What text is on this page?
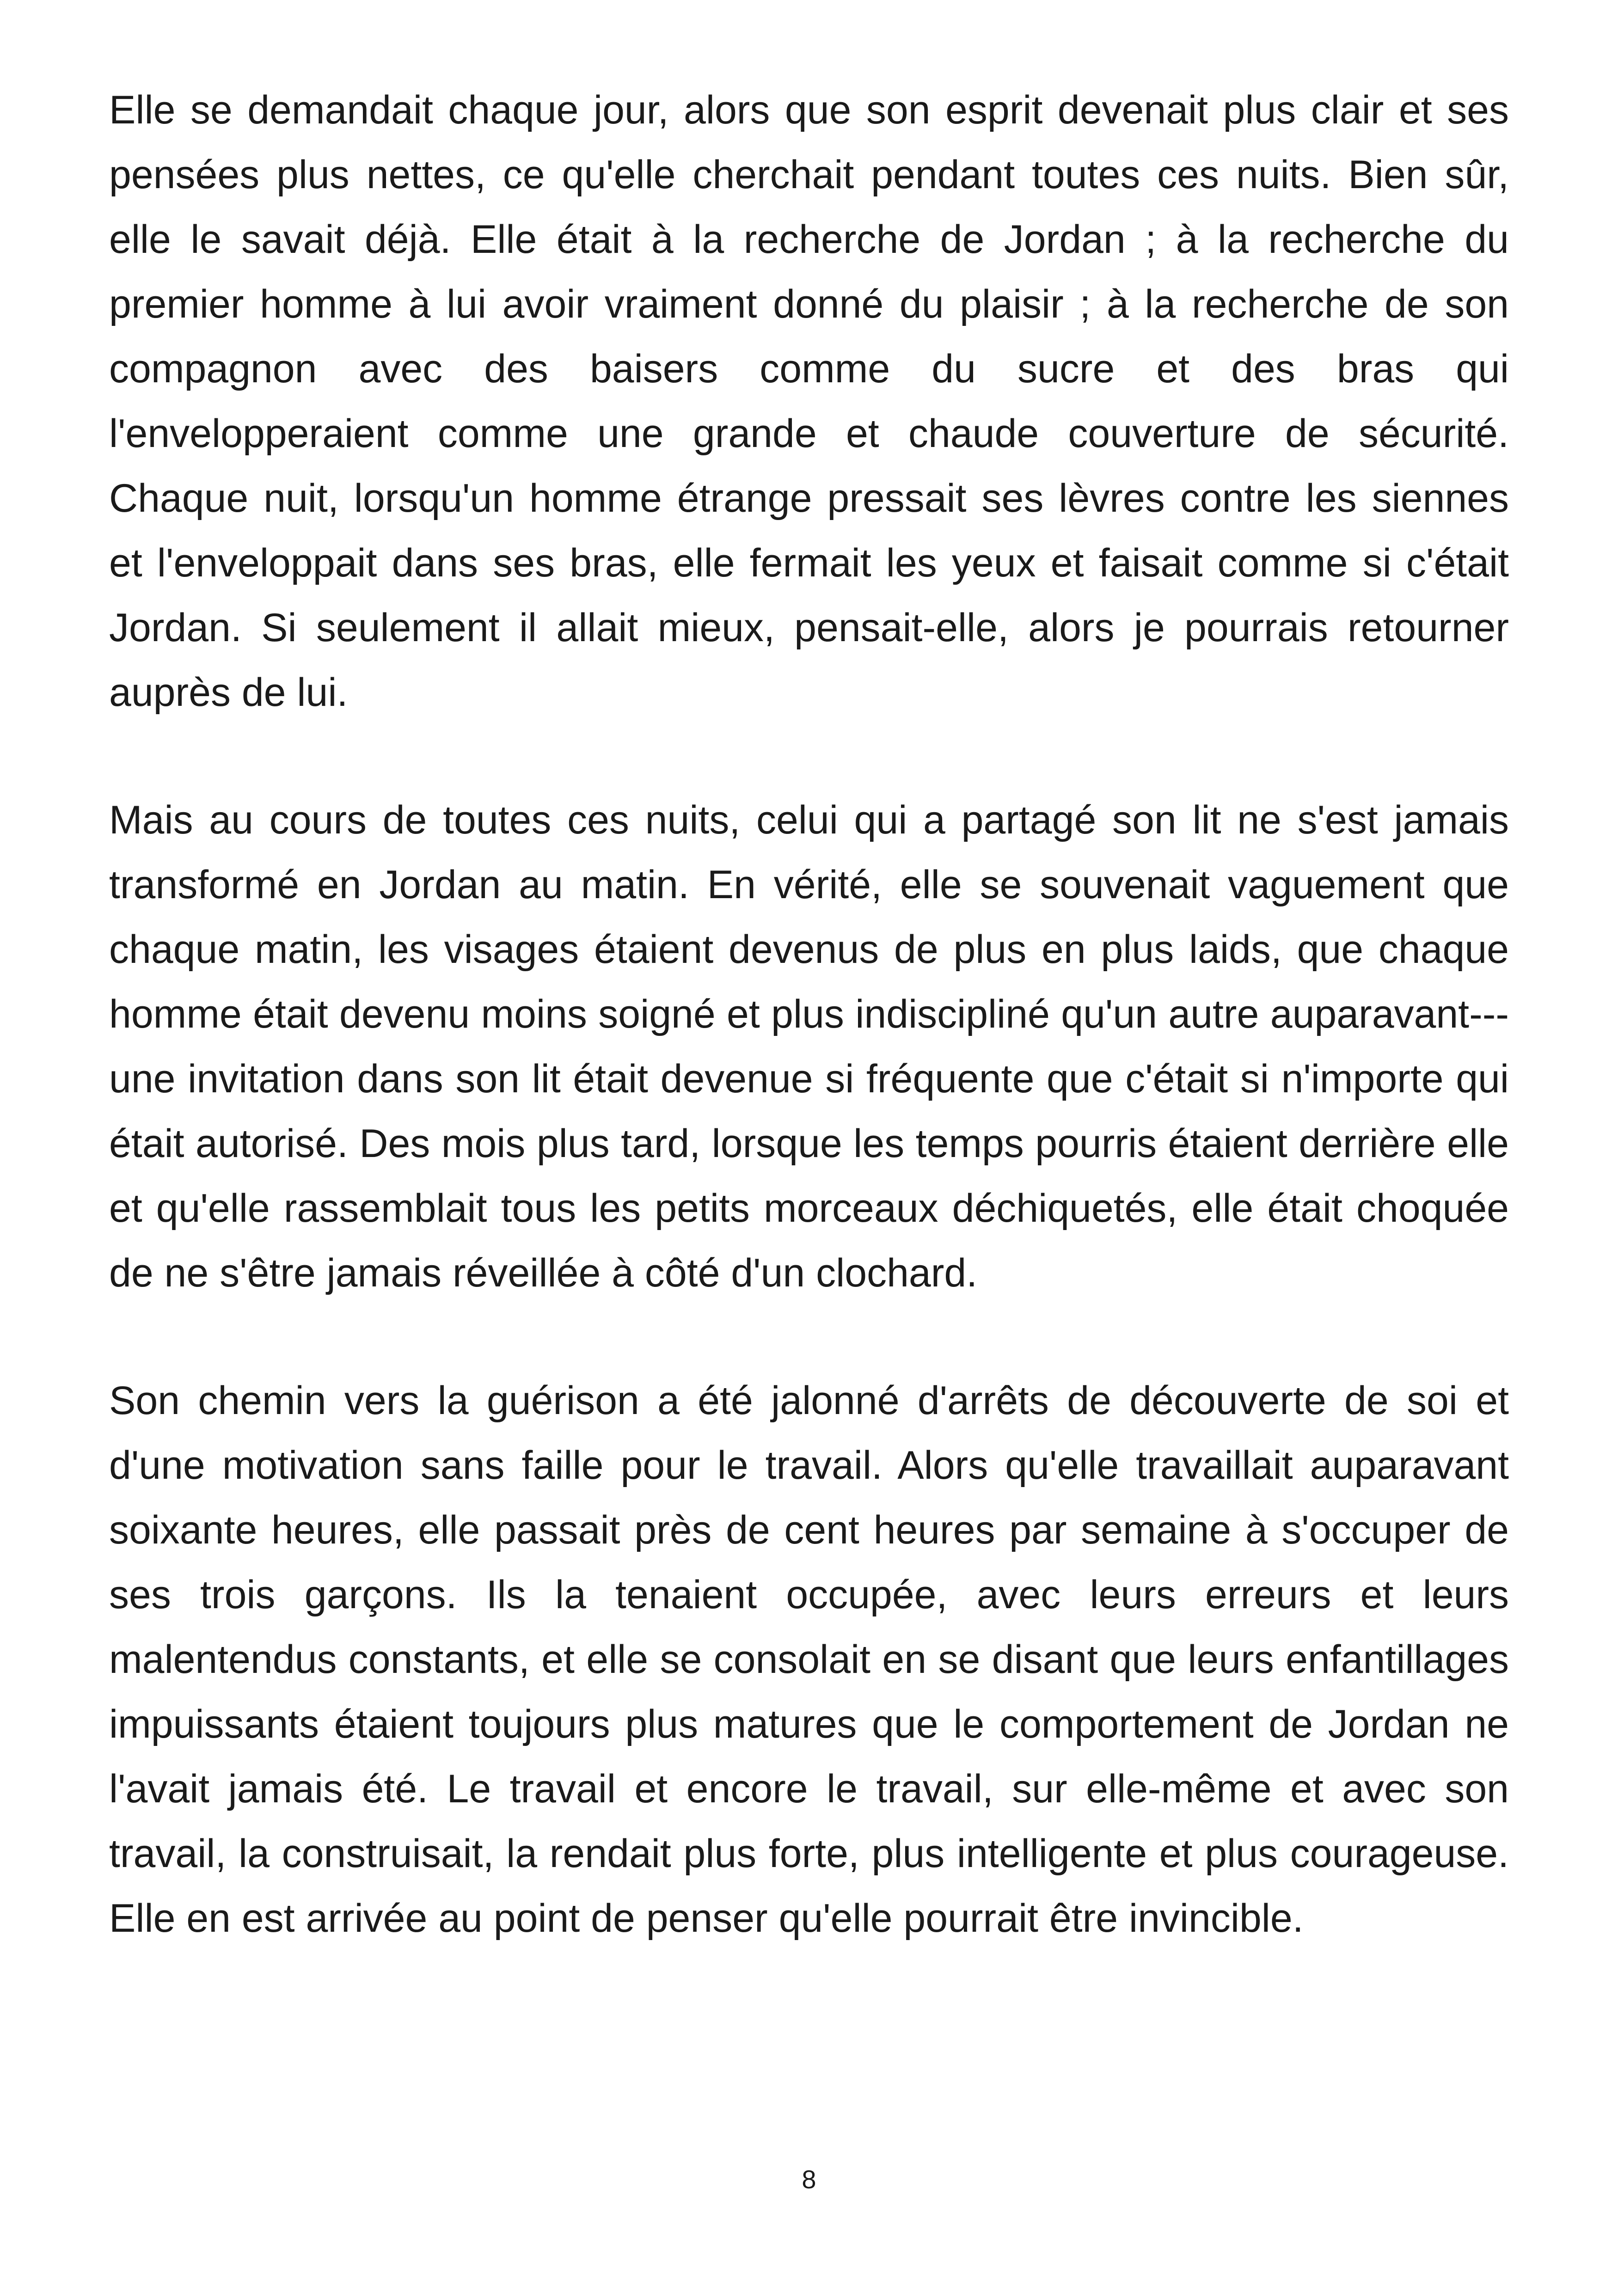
Elle se demandait chaque jour, alors que son esprit devenait plus clair et ses pensées plus nettes, ce qu'elle cherchait pendant toutes ces nuits. Bien sûr, elle le savait déjà. Elle était à la recherche de Jordan ; à la recherche du premier homme à lui avoir vraiment donné du plaisir ; à la recherche de son compagnon avec des baisers comme du sucre et des bras qui l'envelopperaient comme une grande et chaude couverture de sécurité. Chaque nuit, lorsqu'un homme étrange pressait ses lèvres contre les siennes et l'enveloppait dans ses bras, elle fermait les yeux et faisait comme si c'était Jordan. Si seulement il allait mieux, pensait-elle, alors je pourrais retourner auprès de lui.

Mais au cours de toutes ces nuits, celui qui a partagé son lit ne s'est jamais transformé en Jordan au matin. En vérité, elle se souvenait vaguement que chaque matin, les visages étaient devenus de plus en plus laids, que chaque homme était devenu moins soigné et plus indiscipliné qu'un autre auparavant---une invitation dans son lit était devenue si fréquente que c'était si n'importe qui était autorisé. Des mois plus tard, lorsque les temps pourris étaient derrière elle et qu'elle rassemblait tous les petits morceaux déchiquetés, elle était choquée de ne s'être jamais réveillée à côté d'un clochard.

Son chemin vers la guérison a été jalonné d'arrêts de découverte de soi et d'une motivation sans faille pour le travail. Alors qu'elle travaillait auparavant soixante heures, elle passait près de cent heures par semaine à s'occuper de ses trois garçons. Ils la tenaient occupée, avec leurs erreurs et leurs malentendus constants, et elle se consolait en se disant que leurs enfantillages impuissants étaient toujours plus matures que le comportement de Jordan ne l'avait jamais été. Le travail et encore le travail, sur elle-même et avec son travail, la construisait, la rendait plus forte, plus intelligente et plus courageuse. Elle en est arrivée au point de penser qu'elle pourrait être invincible.

8
